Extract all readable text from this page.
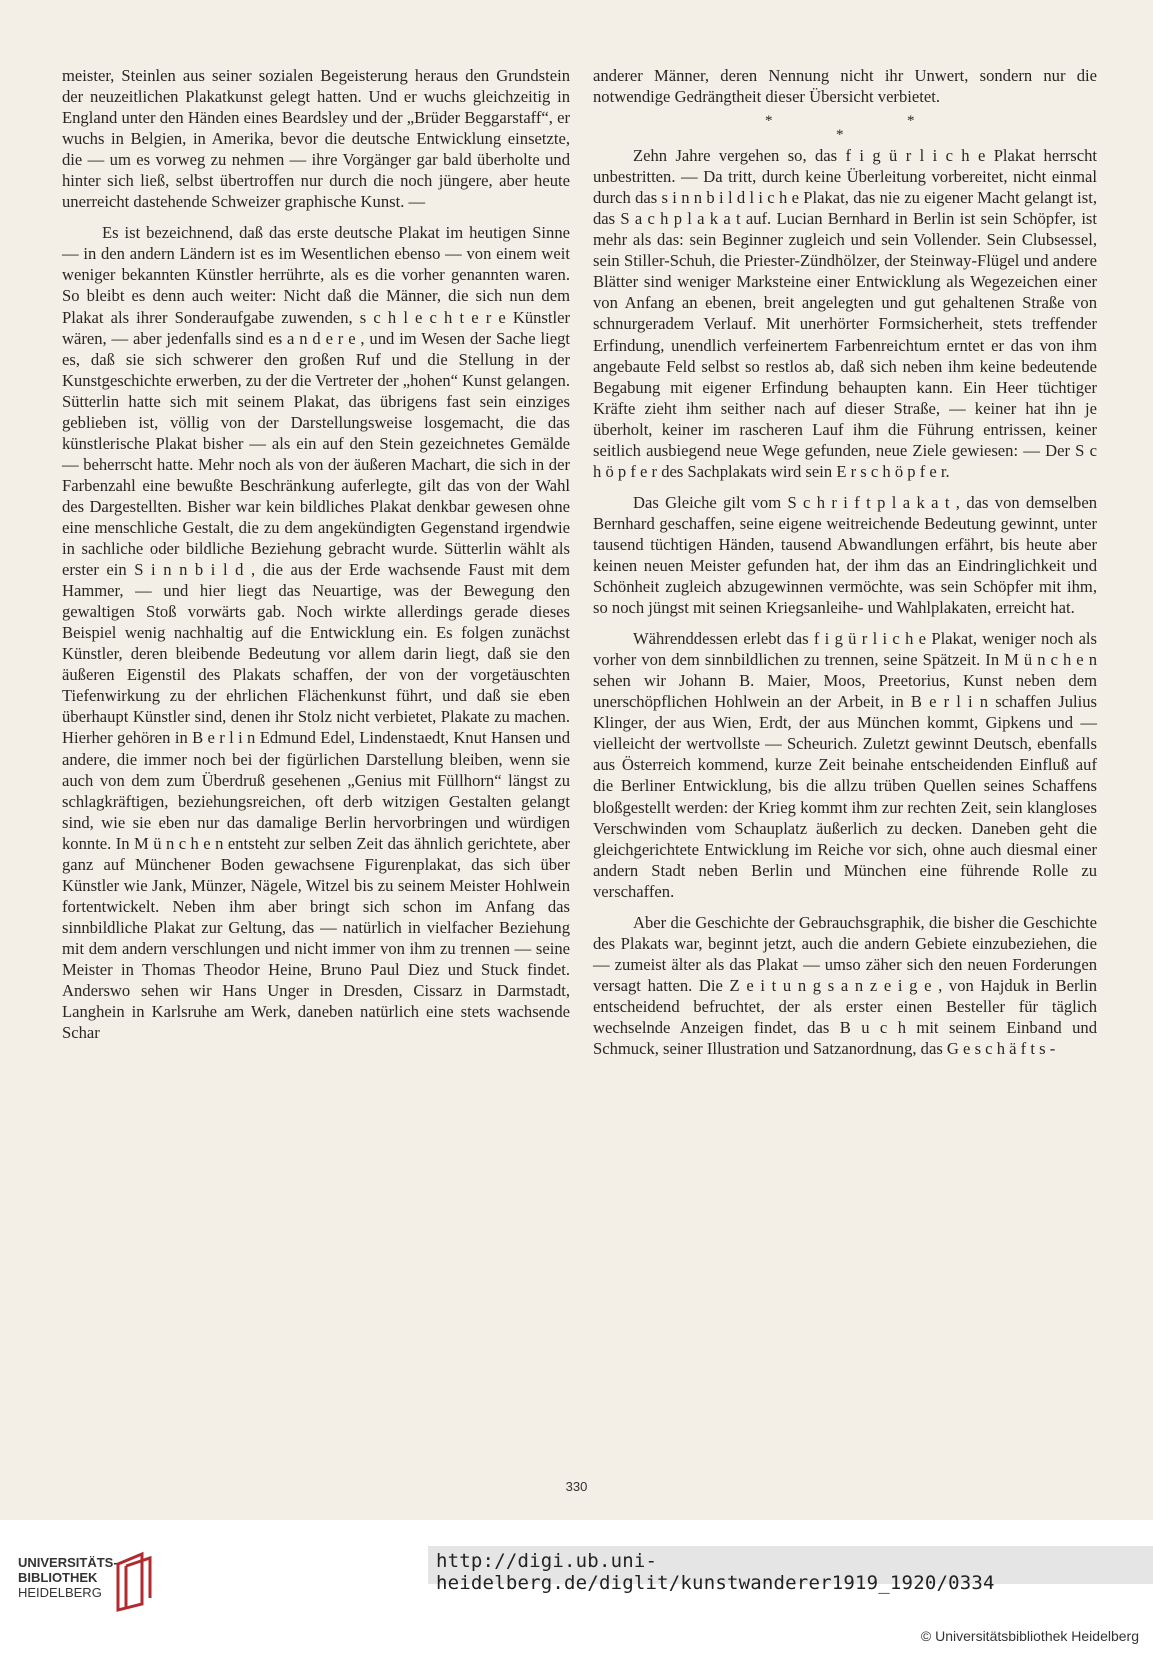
meister, Steinlen aus seiner sozialen Begeisterung heraus den Grundstein der neuzeitlichen Plakatkunst gelegt hatten. Und er wuchs gleichzeitig in England unter den Händen eines Beardsley und der „Brüder Beggarstaff“, er wuchs in Belgien, in Amerika, bevor die deutsche Entwicklung einsetzte, die — um es vorweg zu nehmen — ihre Vorgänger gar bald überholte und hinter sich ließ, selbst übertroffen nur durch die noch jüngere, aber heute unerreicht dastehende Schweizer graphische Kunst. —

Es ist bezeichnend, daß das erste deutsche Plakat im heutigen Sinne — in den andern Ländern ist es im Wesentlichen ebenso — von einem weit weniger bekannten Künstler herrührte, als es die vorher genannten waren. So bleibt es denn auch weiter: Nicht daß die Männer, die sich nun dem Plakat als ihrer Sonderaufgabe zuwenden, s c h l e c h t e r e Künstler wären, — aber jedenfalls sind es a n d e r e , und im Wesen der Sache liegt es, daß sie sich schwerer den großen Ruf und die Stellung in der Kunstgeschichte erwerben, zu der die Vertreter der „hohen“ Kunst gelangen. Sütterlin hatte sich mit seinem Plakat, das übrigens fast sein einziges geblieben ist, völlig von der Darstellungsweise losgemacht, die das künstlerische Plakat bisher — als ein auf den Stein gezeichnetes Gemälde — beherrscht hatte. Mehr noch als von der äußeren Machart, die sich in der Farbenzahl eine bewußte Beschränkung auferlegte, gilt das von der Wahl des Dargestellten. Bisher war kein bildliches Plakat denkbar gewesen ohne eine menschliche Gestalt, die zu dem angekündigten Gegenstand irgendwie in sachliche oder bildliche Beziehung gebracht wurde. Sütterlin wählt als erster ein S i n n b i l d , die aus der Erde wachsende Faust mit dem Hammer, — und hier liegt das Neuartige, was der Bewegung den gewaltigen Stoß vorwärts gab. Noch wirkte allerdings gerade dieses Beispiel wenig nachhaltig auf die Entwicklung ein. Es folgen zunächst Künstler, deren bleibende Bedeutung vor allem darin liegt, daß sie den äußeren Eigenstil des Plakats schaffen, der von der vorgetäuschten Tiefenwirkung zu der ehrlichen Flächenkunst führt, und daß sie eben überhaupt Künstler sind, denen ihr Stolz nicht verbietet, Plakate zu machen. Hierher gehören in B e r l i n Edmund Edel, Lindenstaedt, Knut Hansen und andere, die immer noch bei der figürlichen Darstellung bleiben, wenn sie auch von dem zum Überdruß gesehenen „Genius mit Füllhorn“ längst zu schlagkräftigen, beziehungsreichen, oft derb witzigen Gestalten gelangt sind, wie sie eben nur das damalige Berlin hervorbringen und würdigen konnte. In M ü n c h e n entsteht zur selben Zeit das ähnlich gerichtete, aber ganz auf Münchener Boden gewachsene Figurenplakat, das sich über Künstler wie Jank, Münzer, Nägele, Witzel bis zu seinem Meister Hohlwein fortentwickelt. Neben ihm aber bringt sich schon im Anfang das sinnbildliche Plakat zur Geltung, das — natürlich in vielfacher Beziehung mit dem andern verschlungen und nicht immer von ihm zu trennen — seine Meister in Thomas Theodor Heine, Bruno Paul Diez und Stuck findet. Anderswo sehen wir Hans Unger in Dresden, Cissarz in Darmstadt, Langhein in Karlsruhe am Werk, daneben natürlich eine stets wachsende Schar

anderer Männer, deren Nennung nicht ihr Unwert, sondern nur die notwendige Gedrängtheit dieser Übersicht verbietet.

*
*
*

Zehn Jahre vergehen so, das f i g ü r l i c h e Plakat herrscht unbestritten. — Da tritt, durch keine Überleitung vorbereitet, nicht einmal durch das s i n n b i l d l i c h e Plakat, das nie zu eigener Macht gelangt ist, das S a c h p l a k a t auf. Lucian Bernhard in Berlin ist sein Schöpfer, ist mehr als das: sein Beginner zugleich und sein Vollender. Sein Clubsessel, sein Stiller-Schuh, die Priester-Zündhölzer, der Steinway-Flügel und andere Blätter sind weniger Marksteine einer Entwicklung als Wegezeichen einer von Anfang an ebenen, breit angelegten und gut gehaltenen Straße von schnurgeradem Verlauf. Mit unerhörter Formsicherheit, stets treffender Erfindung, unendlich verfeinertem Farbenreichtum erntet er das von ihm angebaute Feld selbst so restlos ab, daß sich neben ihm keine bedeutende Begabung mit eigener Erfindung behaupten kann. Ein Heer tüchtiger Kräfte zieht ihm seither nach auf dieser Straße, — keiner hat ihn je überholt, keiner im rascheren Lauf ihm die Führung entrissen, keiner seitlich ausbiegend neue Wege gefunden, neue Ziele gewiesen: — Der S c h ö p f e r des Sachplakats wird sein E r s c h ö p f e r.

Das Gleiche gilt vom S c h r i f t p l a k a t , das von demselben Bernhard geschaffen, seine eigene weitreichende Bedeutung gewinnt, unter tausend tüchtigen Händen, tausend Abwandlungen erfährt, bis heute aber keinen neuen Meister gefunden hat, der ihm das an Eindringlichkeit und Schönheit zugleich abzugewinnen vermöchte, was sein Schöpfer mit ihm, so noch jüngst mit seinen Kriegsanleihe- und Wahlplakaten, erreicht hat.

Währenddessen erlebt das f i g ü r l i c h e Plakat, weniger noch als vorher von dem sinnbildlichen zu trennen, seine Spätzeit. In M ü n c h e n sehen wir Johann B. Maier, Moos, Preetorius, Kunst neben dem unerschöpflichen Hohlwein an der Arbeit, in B e r l i n schaffen Julius Klinger, der aus Wien, Erdt, der aus München kommt, Gipkens und — vielleicht der wertvollste — Scheurich. Zuletzt gewinnt Deutsch, ebenfalls aus Österreich kommend, kurze Zeit beinahe entscheidenden Einfluß auf die Berliner Entwicklung, bis die allzu trüben Quellen seines Schaffens bloßgestellt werden: der Krieg kommt ihm zur rechten Zeit, sein klangloses Verschwinden vom Schauplatz äußerlich zu decken. Daneben geht die gleichgerichtete Entwicklung im Reiche vor sich, ohne auch diesmal einer andern Stadt neben Berlin und München eine führende Rolle zu verschaffen.

Aber die Geschichte der Gebrauchsgraphik, die bisher die Geschichte des Plakats war, beginnt jetzt, auch die andern Gebiete einzubeziehen, die — zumeist älter als das Plakat — umso zäher sich den neuen Forderungen versagt hatten. Die Z e i t u n g s a n z e i g e , von Hajduk in Berlin entscheidend befruchtet, der als erster einen Besteller für täglich wechselnde Anzeigen findet, das B u c h mit seinem Einband und Schmuck, seiner Illustration und Satzanordnung, das G e s c h ä f t s -

330
UNIVERSITÄTS-
BIBLIOTHEK
HEIDELBERG
http://digi.ub.uni-heidelberg.de/diglit/kunstwanderer1919_1920/0334
© Universitätsbibliothek Heidelberg
